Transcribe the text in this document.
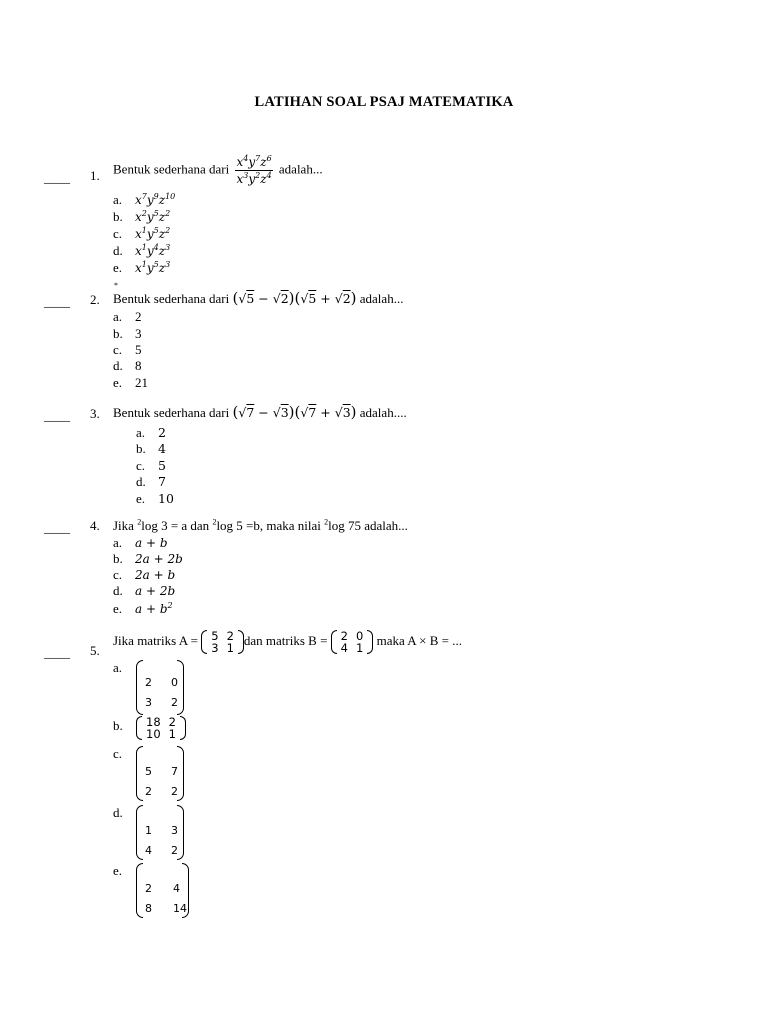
LATIHAN SOAL PSAJ MATEMATIKA
____ 1. Bentuk sederhana dari $\frac{x^4y^7z^6}{x^3y^2z^4}$ adalah...
a. $x^7y^9z^{10}$
b. $x^2y^5z^2$
c. $x^1y^5z^2$
d. $x^1y^4z^3$
e. $x^1y^5z^3$
*
____ 2. Bentuk sederhana dari (√5 − √2)(√5 + √2) adalah...
a. 2
b. 3
c. 5
d. 8
e. 21
____ 3. Bentuk sederhana dari (√7 − √3)(√7 + √3) adalah....
a. 2
b. 4
c. 5
d. 7
e. 10
____ 4. Jika $^2$log 3 = a dan $^2$log 5 =b, maka nilai $^2$log 75 adalah...
a. a + b
b. 2a + 2b
c. 2a + b
d. a + 2b
e. $a + b^2$
____ 5.
Jika matriks A = 5	2
3	1
dan matriks B = 2	0
4	1
maka A × B = ...
a.
2	0
3	2
b. 18	2
10	1
c.
5	7
2	2
d.
1	3
4	2
e.
2	4
8	14
